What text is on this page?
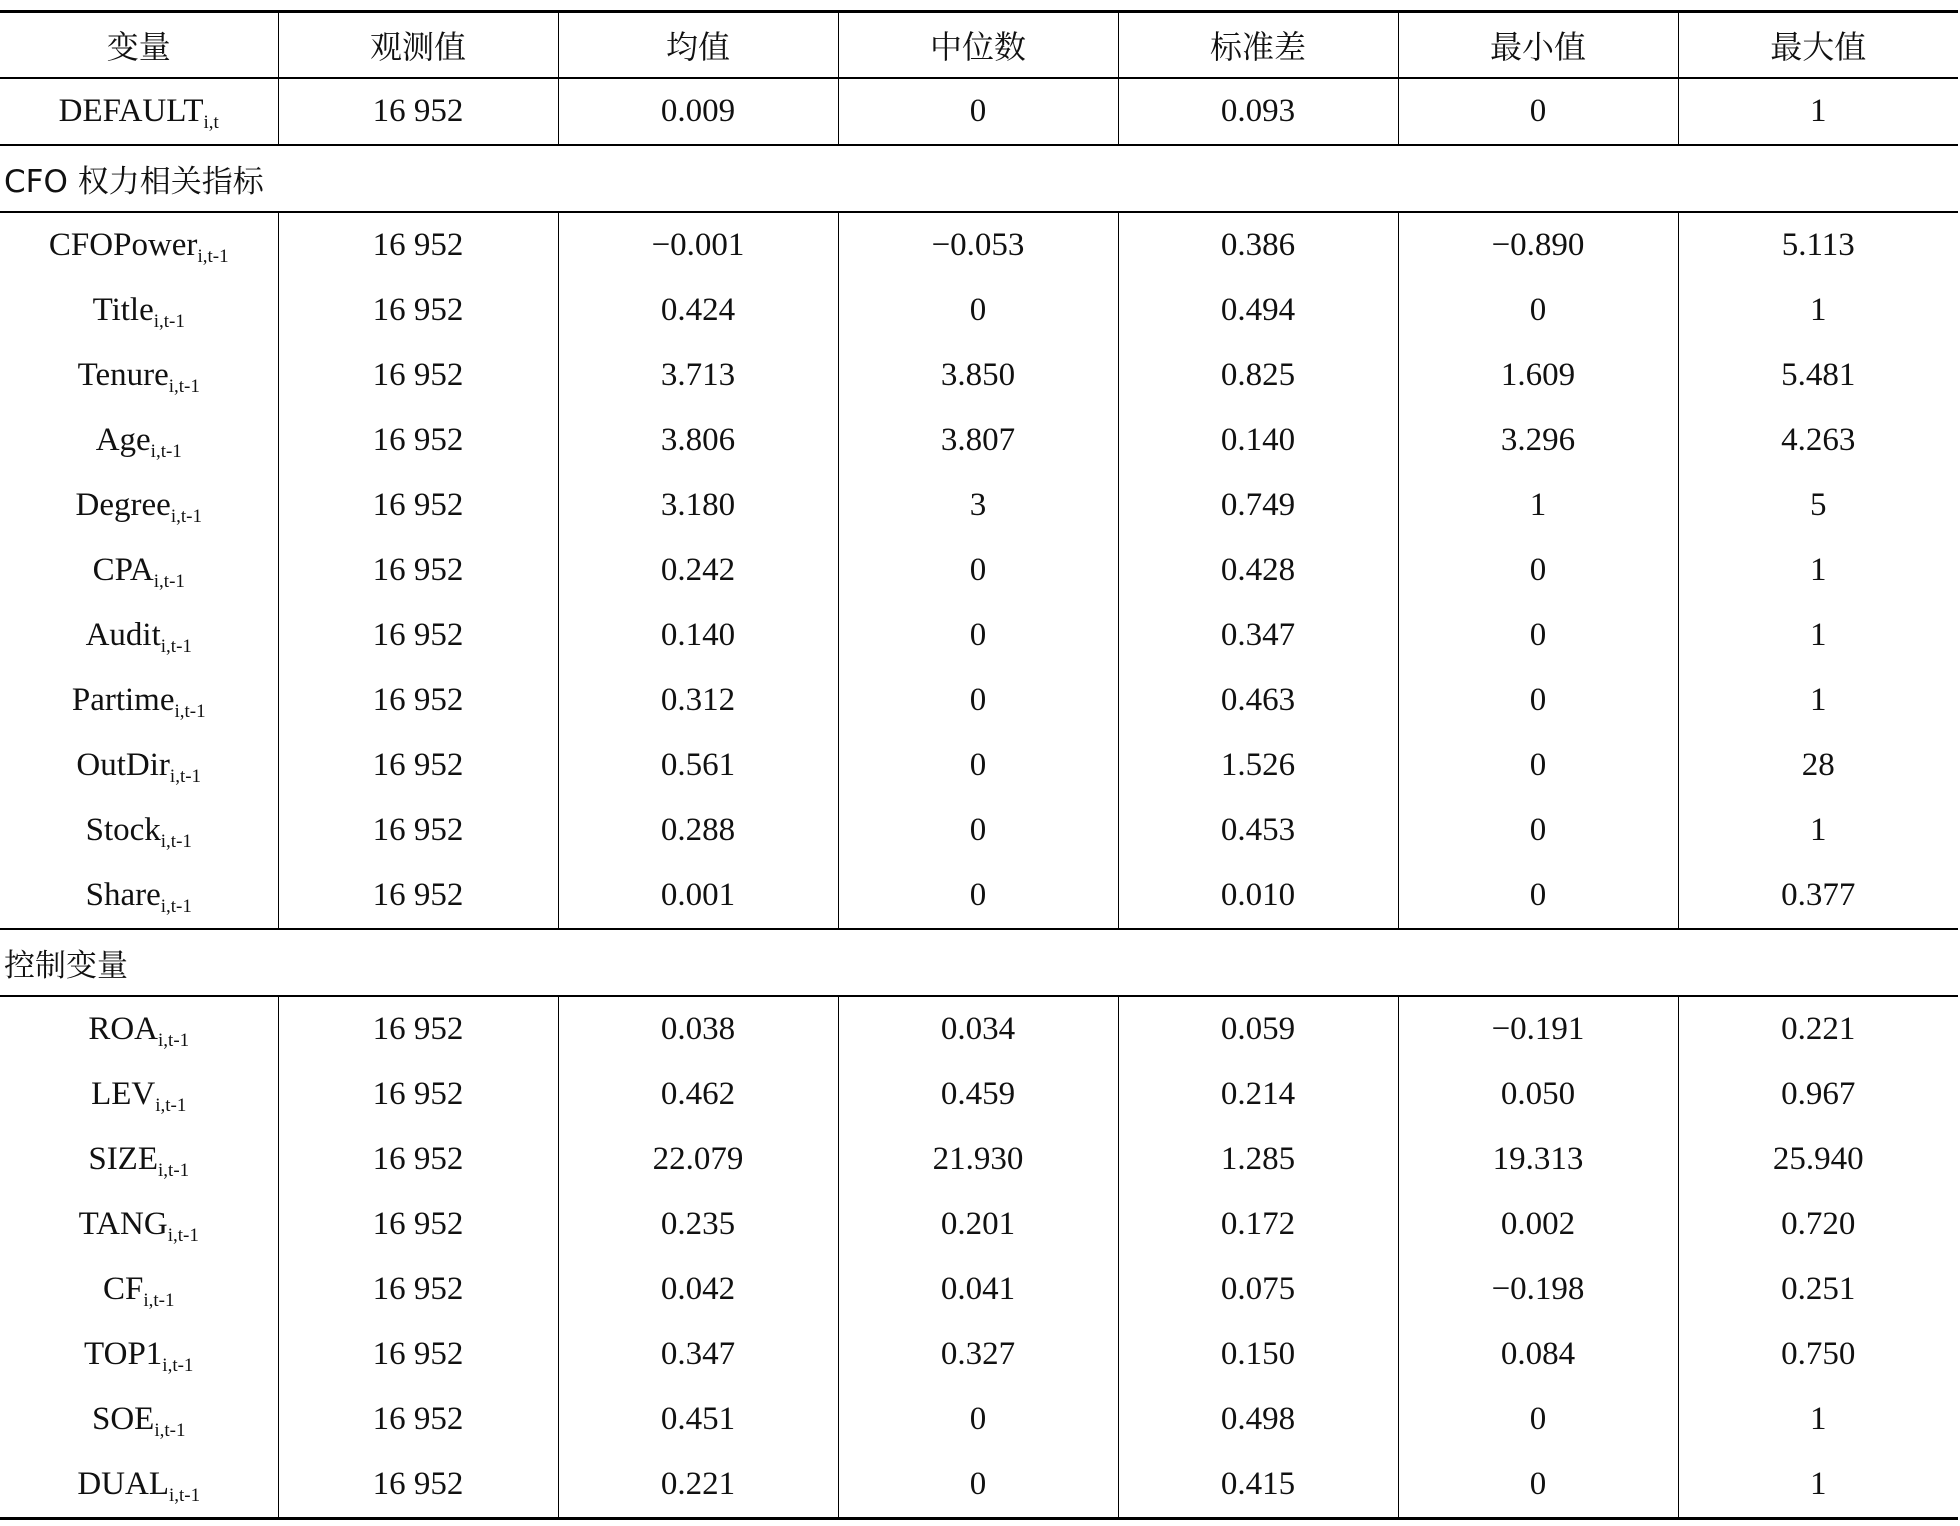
变量	观测值	均值	中位数	标准差	最小值	最大值
$DEFAULT_{i,t}$	16 952	0.009	0	0.093	0	1
CFO 权力相关指标						
CFOPower$_{i,t-1}$	16 952	−0.001	−0.053	0.386	−0.890	5.113
Title$_{i,t-1}$	16 952	0.424	0	0.494	0	1
Tenure$_{i,t-1}$	16 952	3.713	3.850	0.825	1.609	5.481
Age$_{i,t-1}$	16 952	3.806	3.807	0.140	3.296	4.263
Degree$_{i,t-1}$	16 952	3.180	3	0.749	1	5
$CPA_{i,t-1}$	16 952	0.242	0	0.428	0	1
Audit$_{i,t-1}$	16 952	0.140	0	0.347	0	1
Partime$_{i,t-1}$	16 952	0.312	0	0.463	0	1
OutDir$_{i,t-1}$	16 952	0.561	0	1.526	0	28
Stock$_{i,t-1}$	16 952	0.288	0	0.453	0	1
Share$_{i,t-1}$	16 952	0.001	0	0.010	0	0.377
控制变量						
$ROA_{i,t-1}$	16 952	0.038	0.034	0.059	−0.191	0.221
$LEV_{i,t-1}$	16 952	0.462	0.459	0.214	0.050	0.967
$SIZE_{i,t-1}$	16 952	22.079	21.930	1.285	19.313	25.940
$TANG_{i,t-1}$	16 952	0.235	0.201	0.172	0.002	0.720
$CF_{i,t-1}$	16 952	0.042	0.041	0.075	−0.198	0.251
$TOP1_{i,t-1}$	16 952	0.347	0.327	0.150	0.084	0.750
$SOE_{i,t-1}$	16 952	0.451	0	0.498	0	1
$DUAL_{i,t-1}$	16 952	0.221	0	0.415	0	1
